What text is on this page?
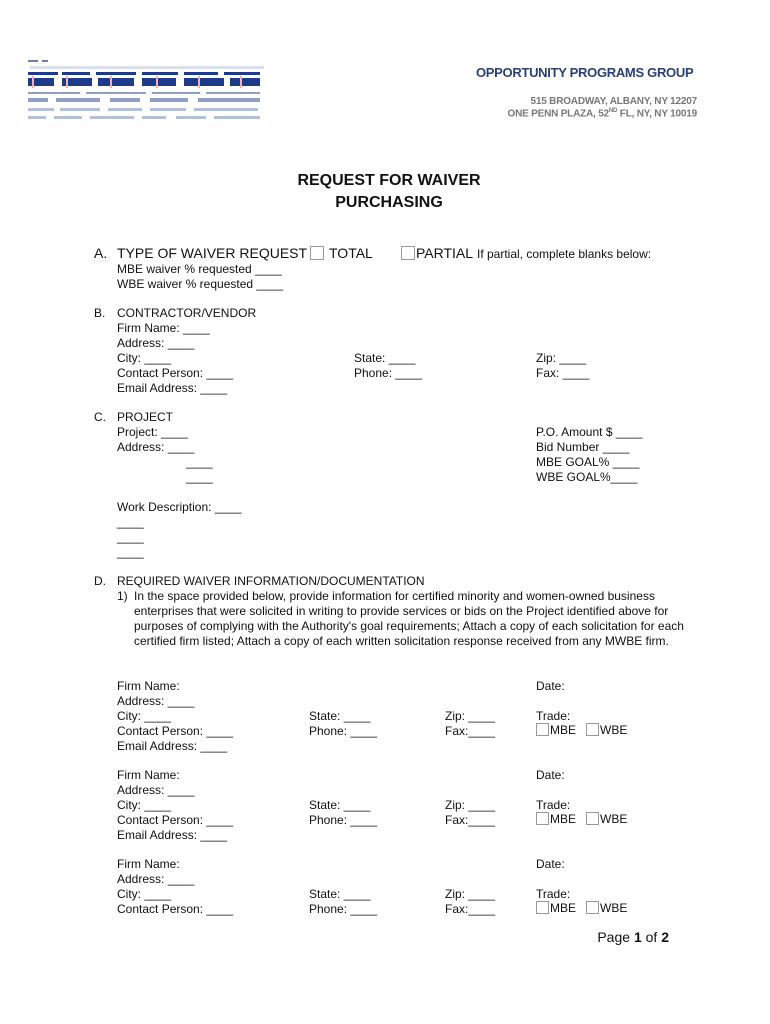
OPPORTUNITY PROGRAMS GROUP
515 BROADWAY, ALBANY, NY 12207
ONE PENN PLAZA, 52ND FL, NY, NY 10019
REQUEST FOR WAIVER
PURCHASING
A. TYPE OF WAIVER REQUEST TOTAL	PARTIAL If partial, complete blanks below:
MBE waiver % requested ____
WBE waiver % requested ____
B. CONTRACTOR/VENDOR
Firm Name: ____
Address: ____
City: ____	State: ____	Zip: ____
Contact Person: ____	Phone: ____	Fax: ____
Email Address: ____
C. PROJECT
Project: ____
Address: ____
____
____
P.O. Amount $ ____
Bid Number ____
MBE GOAL% ____
WBE GOAL%____
Work Description: ____
____
____
____
D. REQUIRED WAIVER INFORMATION/DOCUMENTATION
1) In the space provided below, provide information for certified minority and women-owned business enterprises that were solicited in writing to provide services or bids on the Project identified above for purposes of complying with the Authority's goal requirements; Attach a copy of each solicitation for each certified firm listed; Attach a copy of each written solicitation response received from any MWBE firm.
Firm Name:	Date:
Address: ____
City: ____	State: ____	Zip: ____	Trade:
Contact Person: ____	Phone: ____	Fax:____	MBE	WBE
Email Address: ____
Firm Name:	Date:
Address: ____
City: ____	State: ____	Zip: ____	Trade:
Contact Person: ____	Phone: ____	Fax:____	MBE	WBE
Email Address: ____
Firm Name:	Date:
Address: ____
City: ____	State: ____	Zip: ____	Trade:
Contact Person: ____	Phone: ____	Fax:____	MBE	WBE
Page 1 of 2
